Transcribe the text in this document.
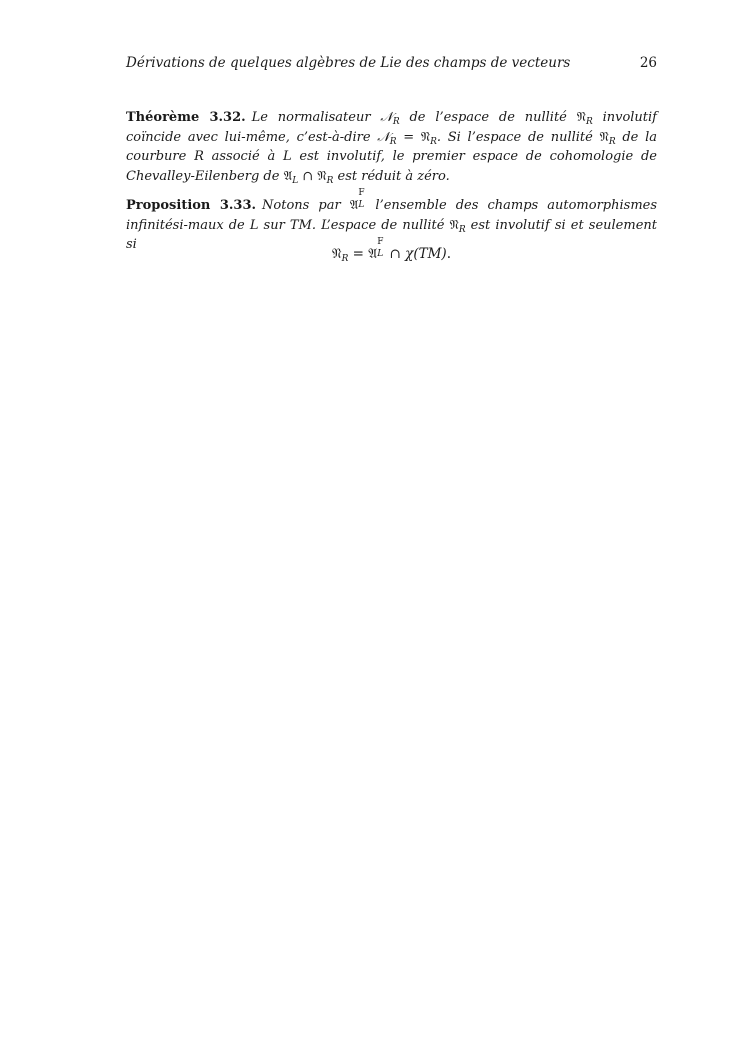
Dérivations de quelques algèbres de Lie des champs de vecteurs	26
Théorème 3.32. Le normalisateur 𝒩$_R$ de l’espace de nullité 𝔑$_R$ involutif coïncide avec lui-même, c’est-à-dire 𝒩$_R$ = 𝔑$_R$. Si l’espace de nullité 𝔑$_R$ de la courbure R associé à L est involutif, le premier espace de cohomologie de Chevalley-Eilenberg de 𝔄$_L$ ∩ 𝔑$_R$ est réduit à zéro.
Proposition 3.33. Notons par 𝔄
F
L l’ensemble des champs automorphismes infinitési-maux de L sur TM. L’espace de nullité 𝔑$_R$ est involutif si et seulement si
𝔑$_R$ = 𝔄
F
L ∩ χ(TM).
